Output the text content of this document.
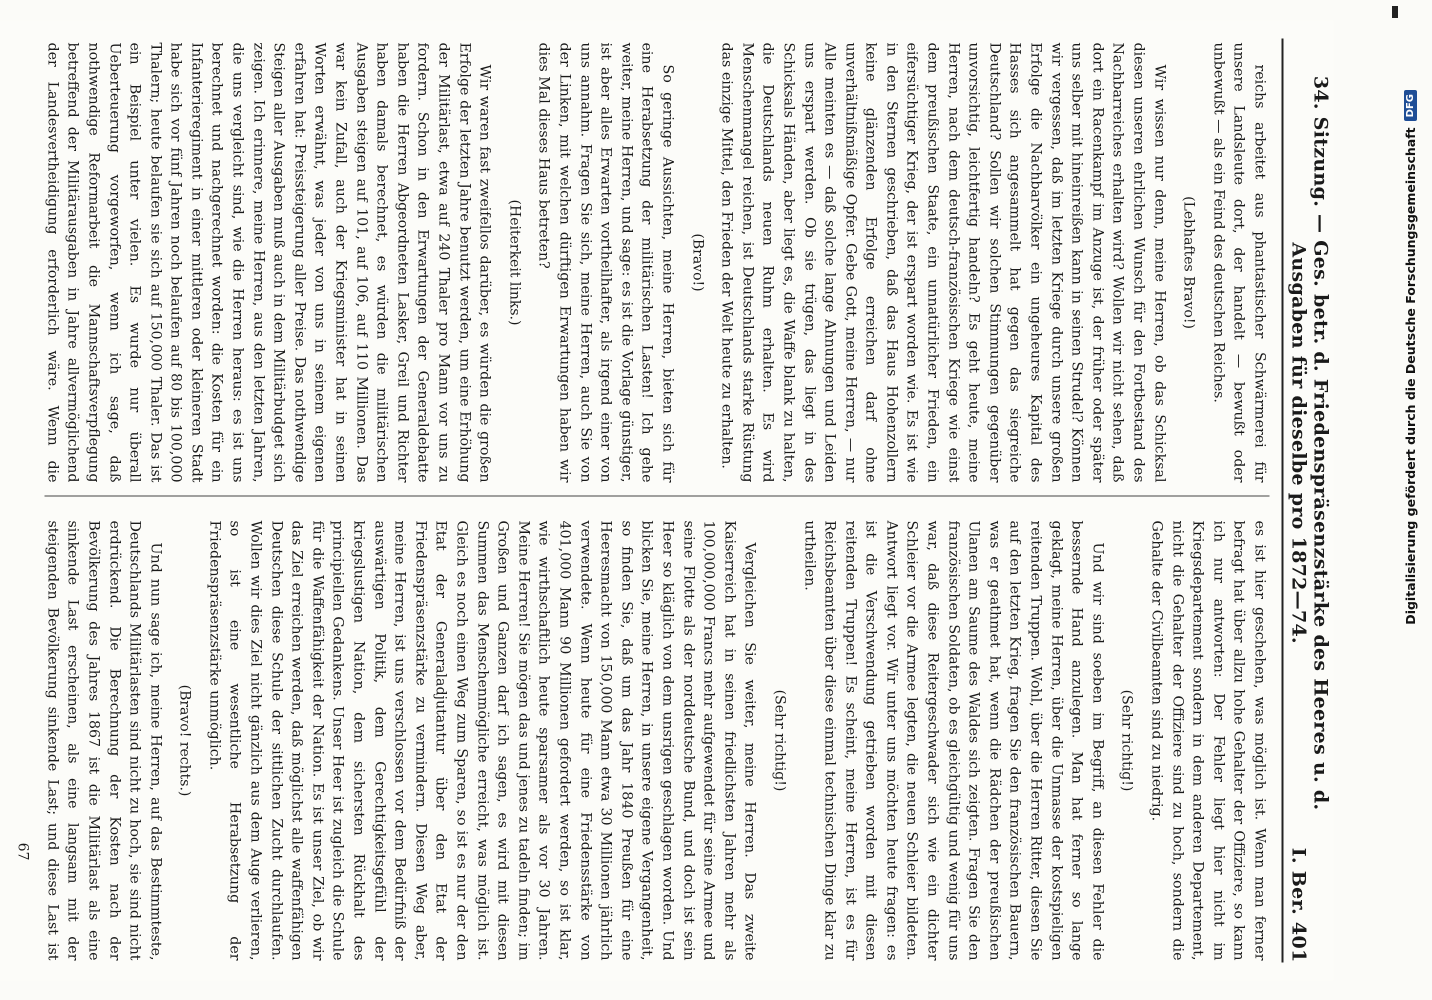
34. Sitzung. — Ges. betr. d. Friedenspräsenzstärke des Heeres u. d. Ausgaben für dieselbe pro 1872—74.
I. Ber. 401

reichs arbeitet aus phantastischer Schwärmerei für unsere Landsleute dort, der handelt — bewußt oder unbewußt — als ein Feind des deutschen Reiches.

(Lebhaftes Bravo!)

Wir wissen nur denn, meine Herren, ob das Schicksal diesen unseren ehrlichen Wunsch für den Fortbestand des Nachbarreiches erhalten wird? Wollen wir nicht sehen, daß dort ein Racenkampf im Anzuge ist, der früher oder später uns selber mit hineinreißen kann in seinen Strudel? Können wir vergessen, daß im letzten Kriege durch unsere großen Erfolge die Nachbarvölker ein ungeheures Kapital des Hasses sich angesammelt hat gegen das siegreiche Deutschland? Sollen wir solchen Stimmungen gegenüber unvorsichtig, leichtfertig handeln? Es geht heute, meine Herren, nach dem deutsch-französischen Kriege wie einst dem preußischen Staate, ein unnatürlicher Frieden, ein eifersüchtiger Krieg, der ist erspart worden wie. Es ist wie in den Sternen geschrieben, daß das Haus Hohenzollern keine glänzenden Erfolge erreichen darf ohne unverhältnißmäßige Opfer. Gebe Gott, meine Herren, — nur Alle meinten es — daß solche lange Ahnungen und Leiden uns erspart werden. Ob sie trügen, das liegt in des Schicksals Händen, aber liegt es, die Waffe blank zu halten, die Deutschlands neuen Ruhm erhalten. Es wird Menschenmangel reichen, ist Deutschlands starke Rüstung das einzige Mittel, den Frieden der Welt heute zu erhalten.

(Bravo!)

So geringe Aussichten, meine Herren, bieten sich für eine Herabsetzung der militärischen Lasten! Ich gehe weiter, meine Herren, und sage: es ist die Vorlage günstiger, ist aber alles Erwarten vortheilhafter, als irgend einer von uns annahm. Fragen Sie sich, meine Herren, auch Sie von der Linken, mit welchen dürftigen Erwartungen haben wir dies Mal dieses Haus betreten?

(Heiterkeit links.)

Wir waren fast zweifellos darüber, es würden die großen Erfolge der letzten Jahre benutzt werden, um eine Erhöhung der Militärlast, etwa auf 240 Thaler pro Mann vor uns zu fordern. Schon in den Erwartungen der Generaldebatte haben die Herren Abgeordneten Lasker, Greil und Richter haben damals berechnet, es würden die militärischen Ausgaben steigen auf 101, auf 106, auf 110 Millionen. Das war kein Zufall, auch der Kriegsminister hat in seinen Worten erwähnt, was jeder von uns in seinem eigenen erfahren hat: Preissteigerung aller Preise. Das nothwendige Steigen aller Ausgaben muß auch in dem Militärbudget sich zeigen. Ich erinnere, meine Herren, aus den letzten Jahren, die uns vergleicht sind, wie die Herren heraus: es ist uns berechnet und nachgerechnet worden: die Kosten für ein Infanterieregiment in einer mittleren oder kleineren Stadt habe sich vor fünf Jahren noch belaufen auf 80 bis 100,000 Thalern; heute belaufen sie sich auf 150,000 Thaler. Das ist ein Beispiel unter vielen. Es wurde nur überall Ueberteuerung vorgeworfen, wenn ich sage, daß nothwendige Reformarbeit die Mannschaftsverpflegung betreffend der Militärausgaben in Jahre allvermöglichend der Landesvertheidigung erforderlich wäre. Wenn die

es ist hier geschehen, was möglich ist. Wenn man ferner befragt hat über allzu hohe Gehalter der Offiziere, so kann ich nur antworten: Der Fehler liegt hier nicht im Kriegsdepartement sondern in dem anderen Departement, nicht die Gehalter der Offiziere sind zu hoch, sondern die Gehalte der Civilbeamten sind zu niedrig.

(Sehr richtig!)

Und wir sind soeben im Begriff, an diesen Fehler die bessernde Hand anzulegen. Man hat ferner so lange geklagt, meine Herren, über die Unmasse der kostspieligen reitenden Truppen. Wohl, über die Herren Ritter, diesen Sie auf den letzten Krieg, fragen Sie den französischen Bauern, was er geathmet hat, wenn die Rädchen der preußischen Ulanen am Saume des Waldes sich zeigten. Fragen Sie den französischen Soldaten, ob es gleichgültig und wenig für uns war, daß diese Reitergeschwader sich wie ein dichter Schleier vor die Armee legten, die neuen Schleier bildeten. Antwort liegt vor. Wir unter uns möchten heute fragen: es ist die Verschwendung getrieben worden mit diesen reitenden Truppen! Es scheint, meine Herren, ist es für Reichsbeamten über diese einmal technischen Dinge klar zu urtheilen.

(Sehr richtig!)

Vergleichen Sie weiter, meine Herren. Das zweite Kaiserreich hat in seinen friedlichsten Jahren mehr als 100,000,000 Francs mehr aufgewendet für seine Armee und seine Flotte als der norddeutsche Bund, und doch ist sein Heer so kläglich von dem unsrigen geschlagen worden. Und blicken Sie, meine Herren, in unsere eigene Vergangenheit, so finden Sie, daß um das Jahr 1840 Preußen für eine Heeresmacht von 150,000 Mann etwa 30 Millionen jährlich verwendete. Wenn heute für eine Friedensstärke von 401,000 Mann 90 Millionen gefordert werden, so ist klar, wie wirthschaftlich heute sparsamer als vor 30 Jahren. Meine Herren! Sie mögen das und jenes zu tadeln finden; im Großen und Ganzen darf ich sagen, es wird mit diesen Summen das Menschenmögliche erreicht, was möglich ist. Gleich es noch einen Weg zum Sparen, so ist es nur der den Etat der Generaladjutantur über den Etat der Friedenspräsenzstärke zu vermindern. Diesen Weg aber, meine Herren, ist uns verschlossen vor dem Bedürfniß der auswärtigen Politik, dem Gerechtigkeitsgefühl der kriegslustigen Nation, dem sichersten Rückhalt des principiellen Gedankens. Unser Heer ist zugleich die Schule für die Waffenfähigkeit der Nation. Es ist unser Ziel, ob wir das Ziel erreichen werden, daß möglichst alle waffenfähigen Deutschen diese Schule der sittlichen Zucht durchlaufen. Wollen wir dies Ziel nicht gänzlich aus dem Auge verlieren, so ist eine wesentliche Herabsetzung der Friedenspräsenzstärke unmöglich.

(Bravo! rechts.)

Und nun sage ich, meine Herren, auf das Bestimmteste, Deutschlands Militärlasten sind nicht zu hoch, sie sind nicht erdrückend. Die Berechnung der Kosten nach der Bevölkerung des Jahres 1867 ist die Militärlast als eine sinkende Last erscheinen, als eine langsam mit der steigenden Bevölkerung sinkende Last; und diese Last ist

67
Digitalisierung gefördert durch die Deutsche Forschungsgemeinschaft
DFG
